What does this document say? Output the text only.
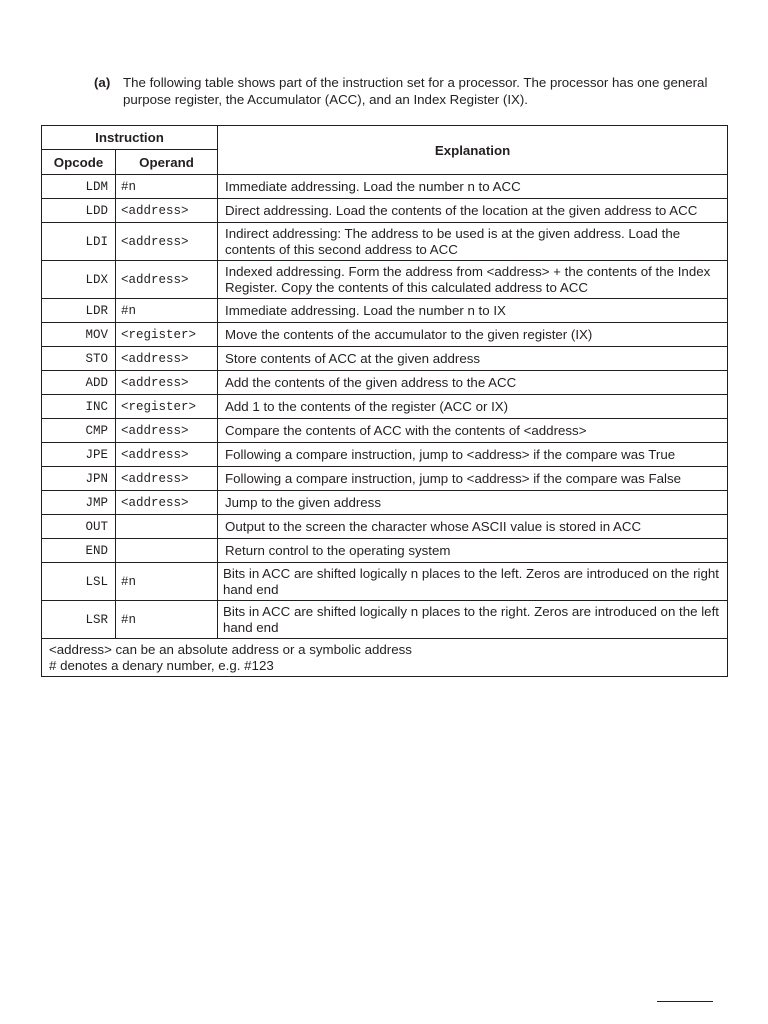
(a) The following table shows part of the instruction set for a processor. The processor has one general purpose register, the Accumulator (ACC), and an Index Register (IX).
Instruction		Explanation
Opcode	Operand	
LDM	#n	Immediate addressing. Load the number n to ACC
LDD	<address>	Direct addressing. Load the contents of the location at the given address to ACC
LDI	<address>	Indirect addressing: The address to be used is at the given address. Load the contents of this second address to ACC
LDX	<address>	Indexed addressing. Form the address from <address> + the contents of the Index Register. Copy the contents of this calculated address to ACC
LDR	#n	Immediate addressing. Load the number n to IX
MOV	<register>	Move the contents of the accumulator to the given register (IX)
STO	<address>	Store contents of ACC at the given address
ADD	<address>	Add the contents of the given address to the ACC
INC	<register>	Add 1 to the contents of the register (ACC or IX)
CMP	<address>	Compare the contents of ACC with the contents of <address>
JPE	<address>	Following a compare instruction, jump to <address> if the compare was True
JPN	<address>	Following a compare instruction, jump to <address> if the compare was False
JMP	<address>	Jump to the given address
OUT		Output to the screen the character whose ASCII value is stored in ACC
END		Return control to the operating system
LSL	#n	Bits in ACC are shifted logically n places to the left. Zeros are introduced on the right hand end
LSR	#n	Bits in ACC are shifted logically n places to the right. Zeros are introduced on the left hand end

<address> can be an absolute address or a symbolic address
# denotes a denary number, e.g. #123		
